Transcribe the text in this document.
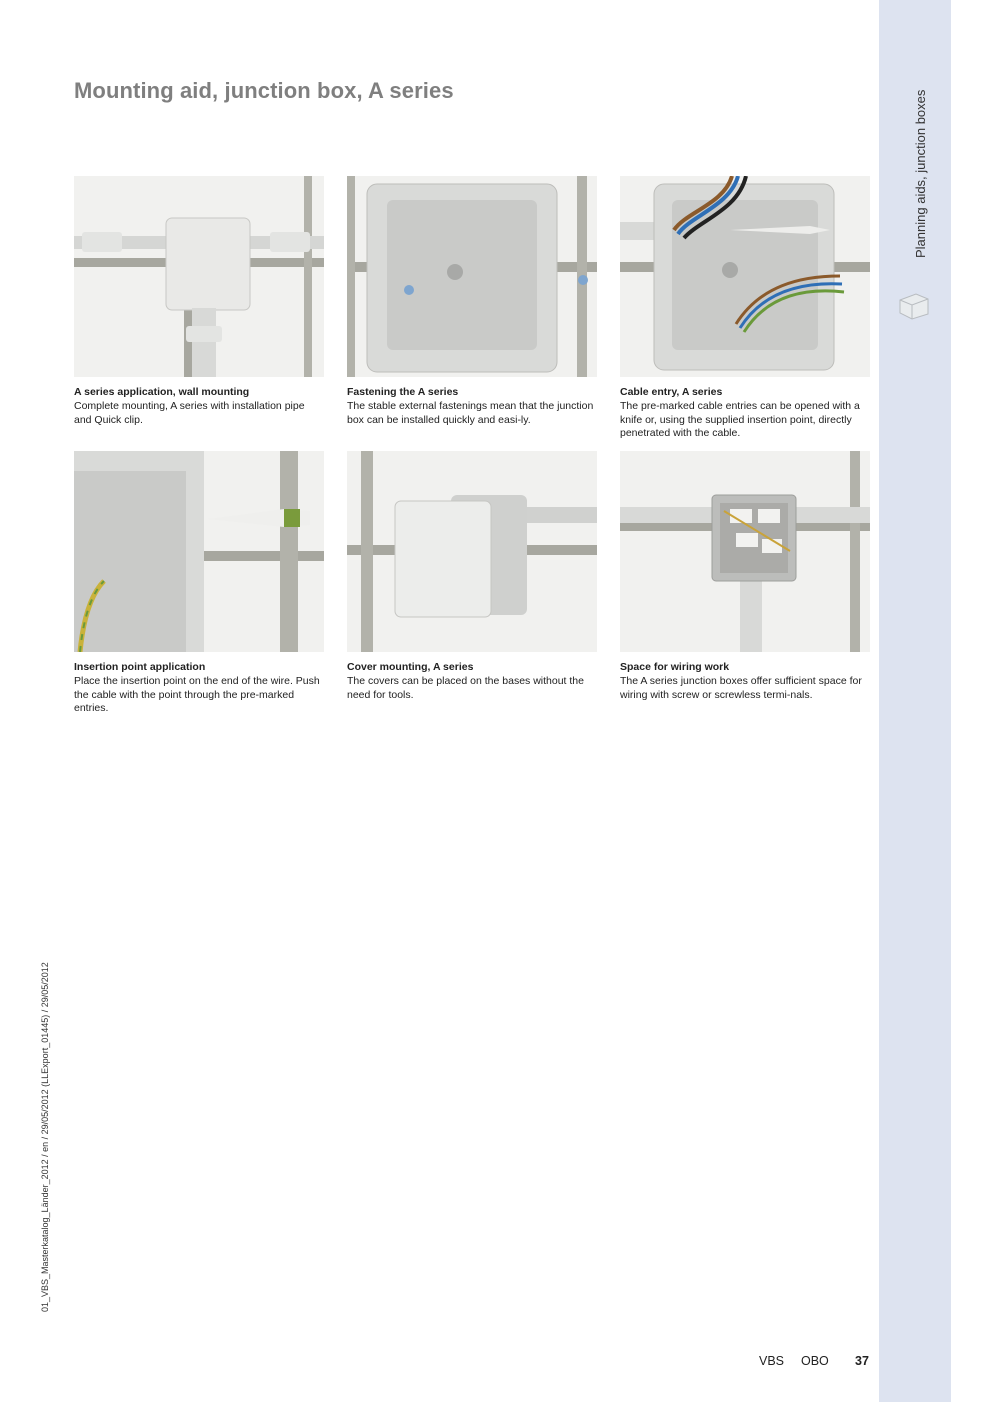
Planning aids, junction boxes
Mounting aid, junction box, A series
A series application, wall mounting
Complete mounting, A series with installation pipe and Quick clip.
Fastening the A series
The stable external fastenings mean that the junction box can be installed quickly and easi-ly.
Cable entry, A series
The pre-marked cable entries can be opened with a knife or, using the supplied insertion point, directly penetrated with the cable.
Insertion point application
Place the insertion point on the end of the wire. Push the cable with the point through the pre-marked entries.
Cover mounting, A series
The covers can be placed on the bases without the need for tools.
Space for wiring work
The A series junction boxes offer sufficient space for wiring with screw or screwless termi-nals.
01_VBS_Masterkatalog_Länder_2012 / en / 29/05/2012 (LLExport_01445) / 29/05/2012
VBS OBO 37
